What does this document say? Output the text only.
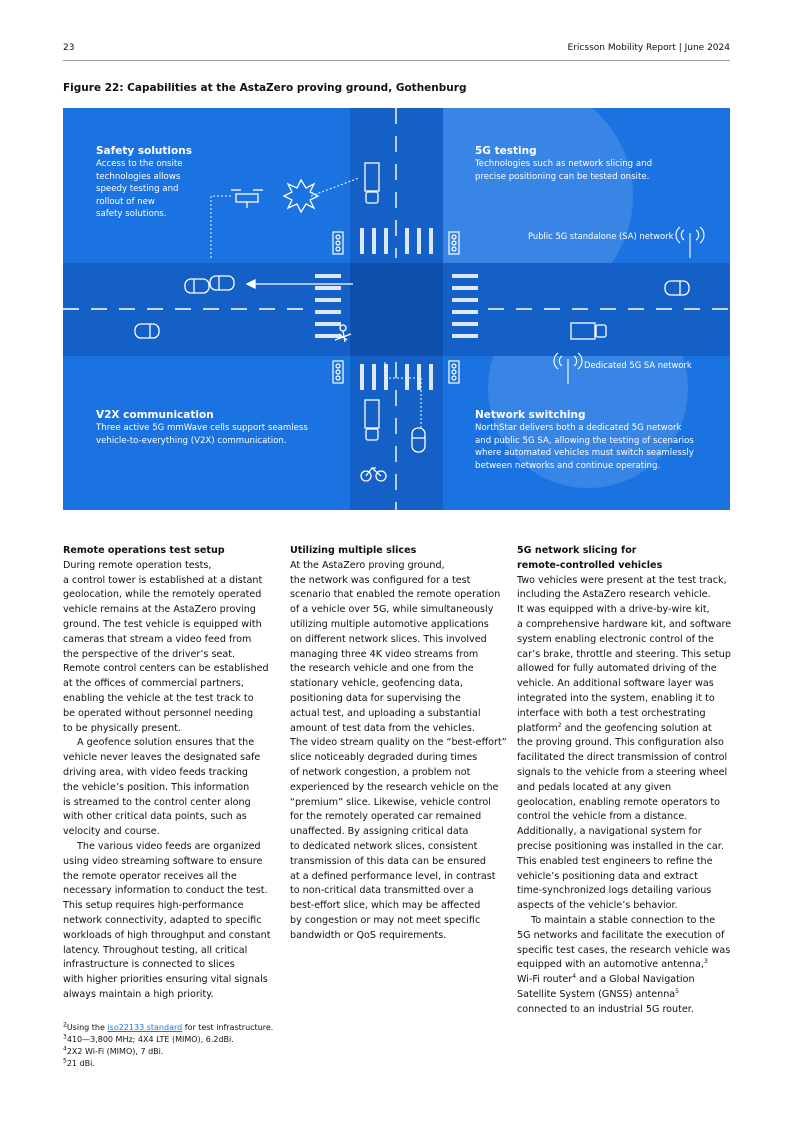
23	Ericsson Mobility Report | June 2024
Figure 22: Capabilities at the AstaZero proving ground, Gothenburg
Safety solutions
Access to the onsite
technologies allows
speedy testing and
rollout of new
safety solutions.
5G testing
Technologies such as network slicing and
precise positioning can be tested onsite.
V2X communication
Three active 5G mmWave cells support seamless
vehicle-to-everything (V2X) communication.
Network switching
NorthStar delivers both a dedicated 5G network
and public 5G SA, allowing the testing of scenarios
where automated vehicles must switch seamlessly
between networks and continue operating.
Public 5G standalone (SA) network
Dedicated 5G SA network
Remote operations test setup

During remote operation tests,
a control tower is established at a distant
geolocation, while the remotely operated
vehicle remains at the AstaZero proving
ground. The test vehicle is equipped with
cameras that stream a video feed from
the perspective of the driver’s seat.
Remote control centers can be established
at the offices of commercial partners,
enabling the vehicle at the test track to
be operated without personnel needing
to be physically present.

A geofence solution ensures that the
vehicle never leaves the designated safe
driving area, with video feeds tracking
the vehicle’s position. This information
is streamed to the control center along
with other critical data points, such as
velocity and course.

The various video feeds are organized
using video streaming software to ensure
the remote operator receives all the
necessary information to conduct the test.
This setup requires high-performance
network connectivity, adapted to specific
workloads of high throughput and constant
latency. Throughout testing, all critical
infrastructure is connected to slices
with higher priorities ensuring vital signals
always maintain a high priority.

Utilizing multiple slices

At the AstaZero proving ground,
the network was configured for a test
scenario that enabled the remote operation
of a vehicle over 5G, while simultaneously
utilizing multiple automotive applications
on different network slices. This involved
managing three 4K video streams from
the research vehicle and one from the
stationary vehicle, geofencing data,
positioning data for supervising the
actual test, and uploading a substantial
amount of test data from the vehicles.
The video stream quality on the “best-effort”
slice noticeably degraded during times
of network congestion, a problem not
experienced by the research vehicle on the
“premium” slice. Likewise, vehicle control
for the remotely operated car remained
unaffected. By assigning critical data
to dedicated network slices, consistent
transmission of this data can be ensured
at a defined performance level, in contrast
to non-critical data transmitted over a
best-effort slice, which may be affected
by congestion or may not meet specific
bandwidth or QoS requirements.

5G network slicing for
remote-controlled vehicles

Two vehicles were present at the test track,
including the AstaZero research vehicle.
It was equipped with a drive-by-wire kit,
a comprehensive hardware kit, and software
system enabling electronic control of the
car’s brake, throttle and steering. This setup
allowed for fully automated driving of the
vehicle. An additional software layer was
integrated into the system, enabling it to
interface with both a test orchestrating
platform$^2$ and the geofencing solution at
the proving ground. This configuration also
facilitated the direct transmission of control
signals to the vehicle from a steering wheel
and pedals located at any given
geolocation, enabling remote operators to
control the vehicle from a distance.
Additionally, a navigational system for
precise positioning was installed in the car.
This enabled test engineers to refine the
vehicle’s positioning data and extract
time-synchronized logs detailing various
aspects of the vehicle’s behavior.

To maintain a stable connection to the
5G networks and facilitate the execution of
specific test cases, the research vehicle was
equipped with an automotive antenna,$^3$
Wi-Fi router$^4$ and a Global Navigation
Satellite System (GNSS) antenna$^5$
connected to an industrial 5G router.

$^2$Using the iso22133 standard for test infrastructure.
$^3$410—3,800 MHz; 4X4 LTE (MIMO), 6.2dBi.
$^4$2X2 Wi-Fi (MIMO), 7 dBi.
$^5$21 dBi.
